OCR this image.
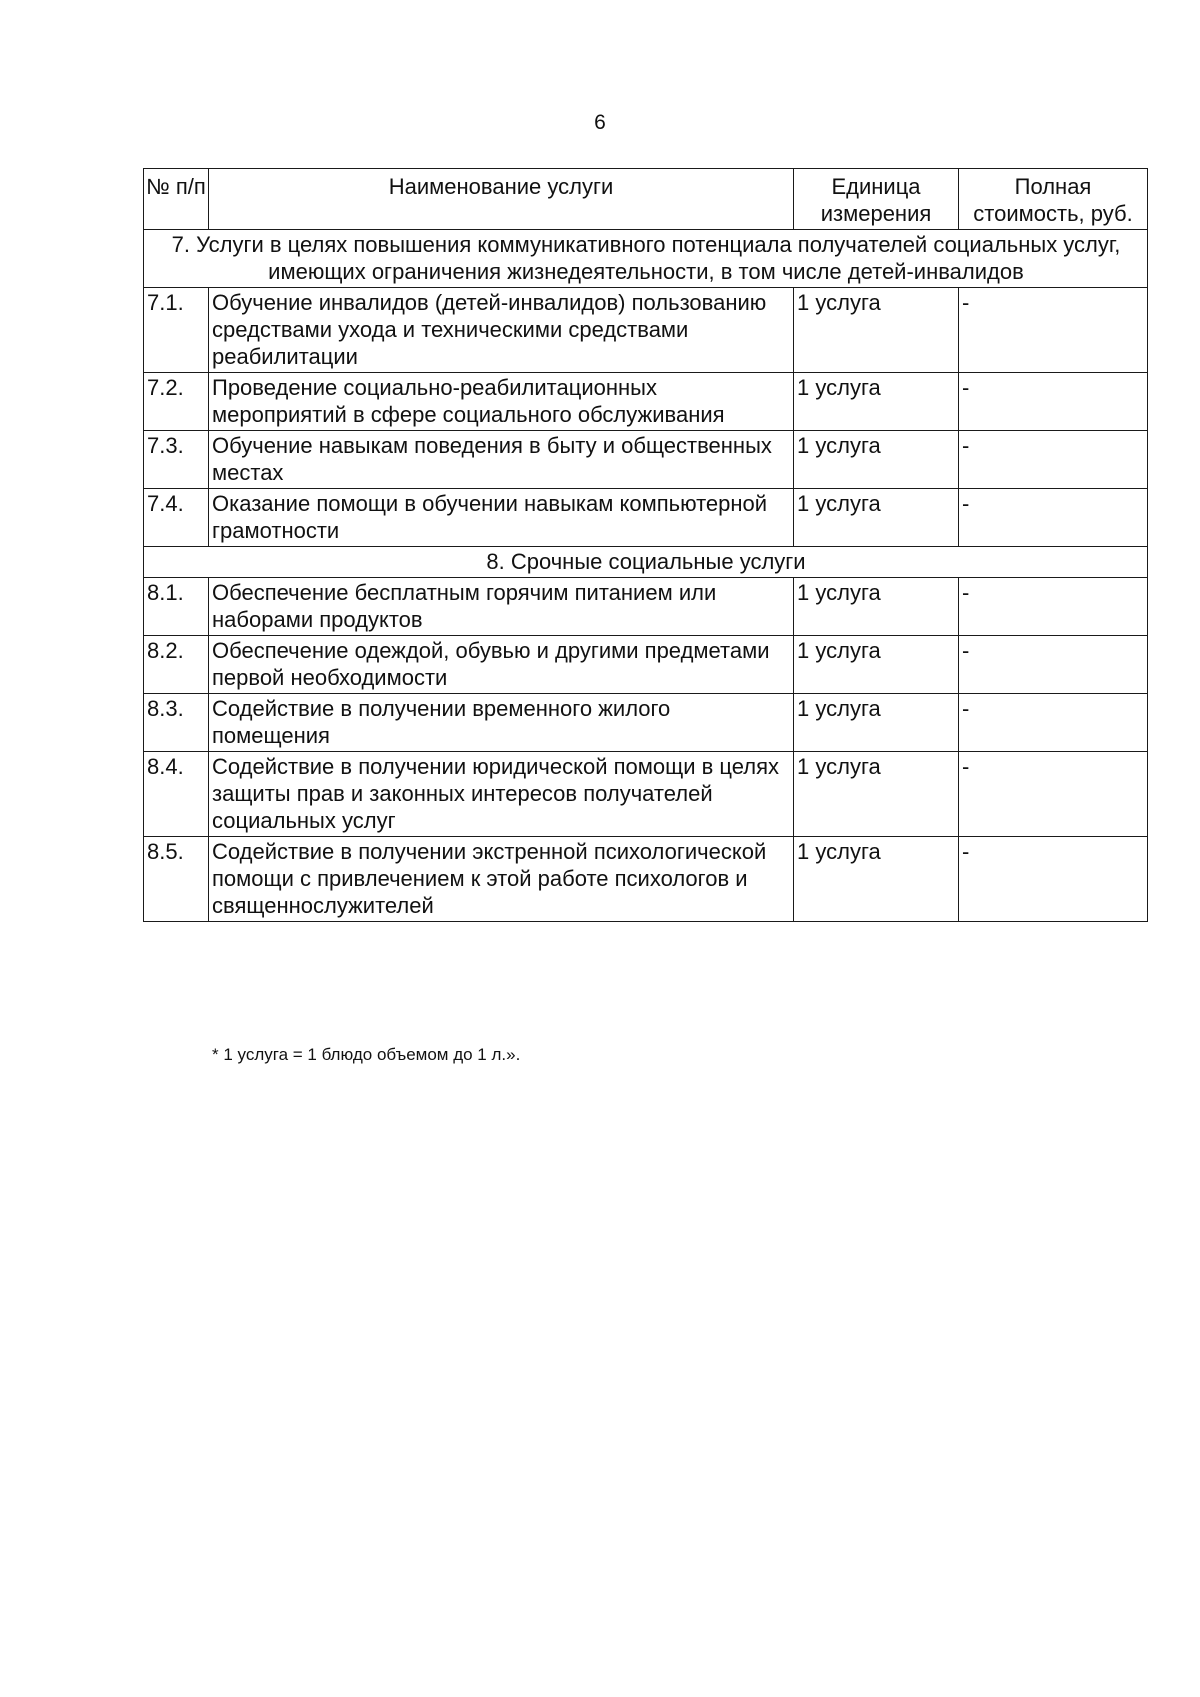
6
№ п/п	Наименование услуги	Единица измерения	Полная стоимость, руб.
7. Услуги в целях повышения коммуникативного потенциала получателей социальных услуг, имеющих ограничения жизнедеятельности, в том числе детей-инвалидов			
7.1.	Обучение инвалидов (детей-инвалидов) пользованию средствами ухода и техническими средствами реабилитации	1 услуга	-
7.2.	Проведение социально-реабилитационных мероприятий в сфере социального обслуживания	1 услуга	-
7.3.	Обучение навыкам поведения в быту и общественных местах	1 услуга	-
7.4.	Оказание помощи в обучении навыкам компьютерной грамотности	1 услуга	-
8. Срочные социальные услуги			
8.1.	Обеспечение бесплатным горячим питанием или наборами продуктов	1 услуга	-
8.2.	Обеспечение одеждой, обувью и другими предметами первой необходимости	1 услуга	-
8.3.	Содействие в получении временного жилого помещения	1 услуга	-
8.4.	Содействие в получении юридической помощи в целях защиты прав и законных интересов получателей социальных услуг	1 услуга	-
8.5.	Содействие в получении экстренной психологической помощи с привлечением к этой работе психологов и священнослужителей	1 услуга	-
* 1 услуга = 1 блюдо объемом до 1 л.».
